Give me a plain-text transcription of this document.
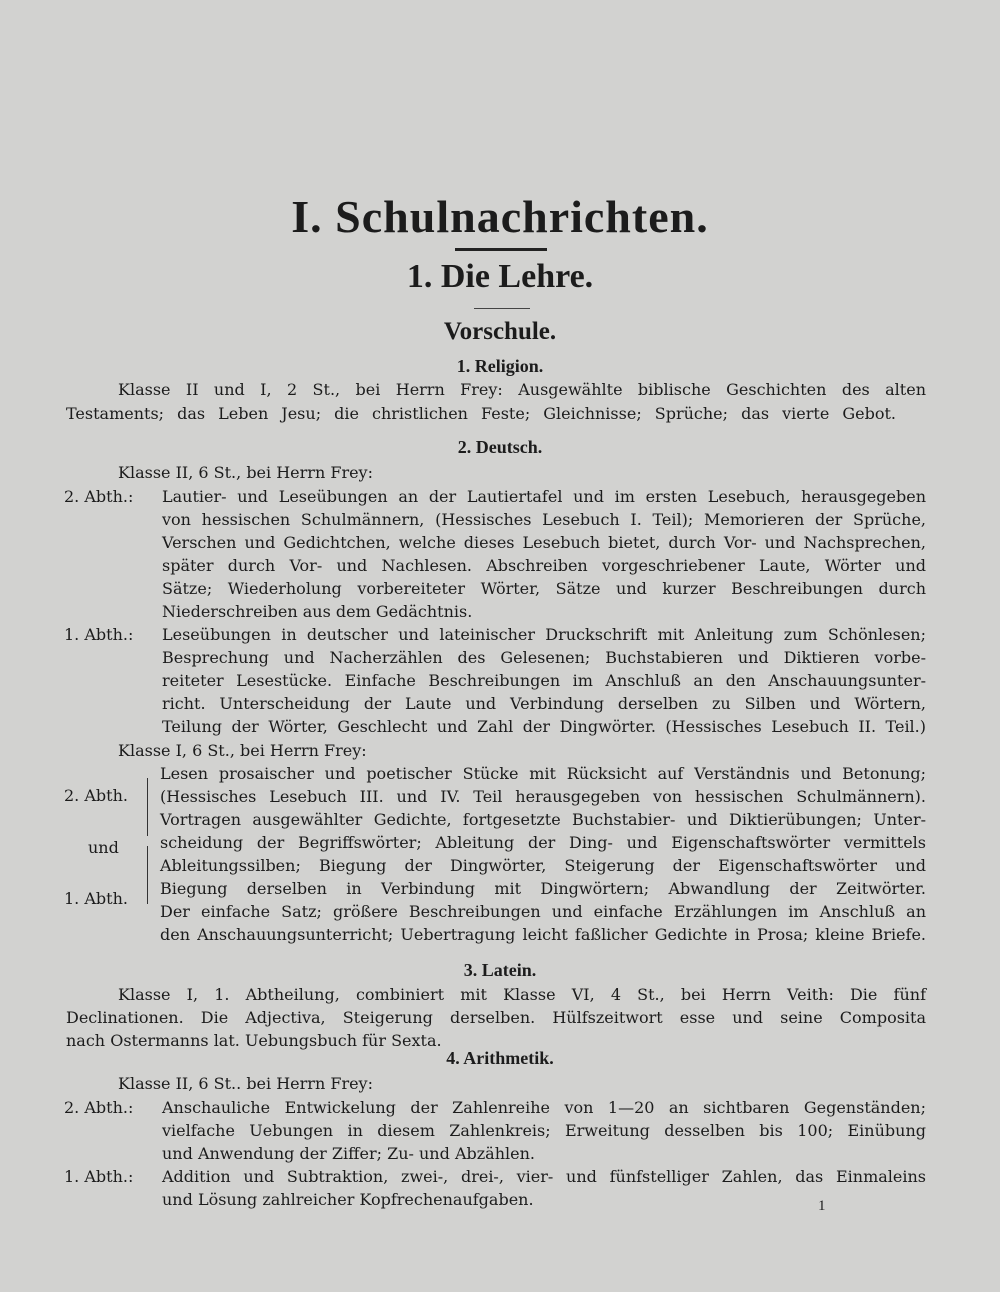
I. Schulnachrichten.
1. Die Lehre.
Vorschule.
1. Religion.

Klasse II und I, 2 St., bei Herrn Frey: Ausgewählte biblische Geschichten des alten

Testaments; das Leben Jesu; die christlichen Feste; Gleichnisse; Sprüche; das vierte Gebot.

2. Deutsch.

Klasse II, 6 St., bei Herrn Frey:

2. Abth.: Lautier- und Leseübungen an der Lautiertafel und im ersten Lesebuch, herausgegeben

von hessischen Schulmännern, (Hessisches Lesebuch I. Teil); Memorieren der Sprüche,

Verschen und Gedichtchen, welche dieses Lesebuch bietet, durch Vor- und Nachsprechen,

später durch Vor- und Nachlesen. Abschreiben vorgeschriebener Laute, Wörter und

Sätze; Wiederholung vorbereiteter Wörter, Sätze und kurzer Beschreibungen durch

Niederschreiben aus dem Gedächtnis.

1. Abth.: Leseübungen in deutscher und lateinischer Druckschrift mit Anleitung zum Schönlesen;

Besprechung und Nacherzählen des Gelesenen; Buchstabieren und Diktieren vorbe-

reiteter Lesestücke. Einfache Beschreibungen im Anschluß an den Anschauungsunter-

richt. Unterscheidung der Laute und Verbindung derselben zu Silben und Wörtern,

Teilung der Wörter, Geschlecht und Zahl der Dingwörter. (Hessisches Lesebuch II. Teil.)

Klasse I, 6 St., bei Herrn Frey:

2. Abth.

und

1. Abth.

Lesen prosaischer und poetischer Stücke mit Rücksicht auf Verständnis und Betonung;

(Hessisches Lesebuch III. und IV. Teil herausgegeben von hessischen Schulmännern).

Vortragen ausgewählter Gedichte, fortgesetzte Buchstabier- und Diktierübungen; Unter-

scheidung der Begriffswörter; Ableitung der Ding- und Eigenschaftswörter vermittels

Ableitungssilben; Biegung der Dingwörter, Steigerung der Eigenschaftswörter und

Biegung derselben in Verbindung mit Dingwörtern; Abwandlung der Zeitwörter.

Der einfache Satz; größere Beschreibungen und einfache Erzählungen im Anschluß an

den Anschauungsunterricht; Uebertragung leicht faßlicher Gedichte in Prosa; kleine Briefe.

3. Latein.

Klasse I, 1. Abtheilung, combiniert mit Klasse VI, 4 St., bei Herrn Veith: Die fünf

Declinationen. Die Adjectiva, Steigerung derselben. Hülfszeitwort esse und seine Composita

nach Ostermanns lat. Uebungsbuch für Sexta.

4. Arithmetik.

Klasse II, 6 St.. bei Herrn Frey:

2. Abth.: Anschauliche Entwickelung der Zahlenreihe von 1—20 an sichtbaren Gegenständen;

vielfache Uebungen in diesem Zahlenkreis; Erweitung desselben bis 100; Einübung

und Anwendung der Ziffer; Zu- und Abzählen.

1. Abth.: Addition und Subtraktion, zwei-, drei-, vier- und fünfstelliger Zahlen, das Einmaleins

und Lösung zahlreicher Kopfrechenaufgaben.	1
